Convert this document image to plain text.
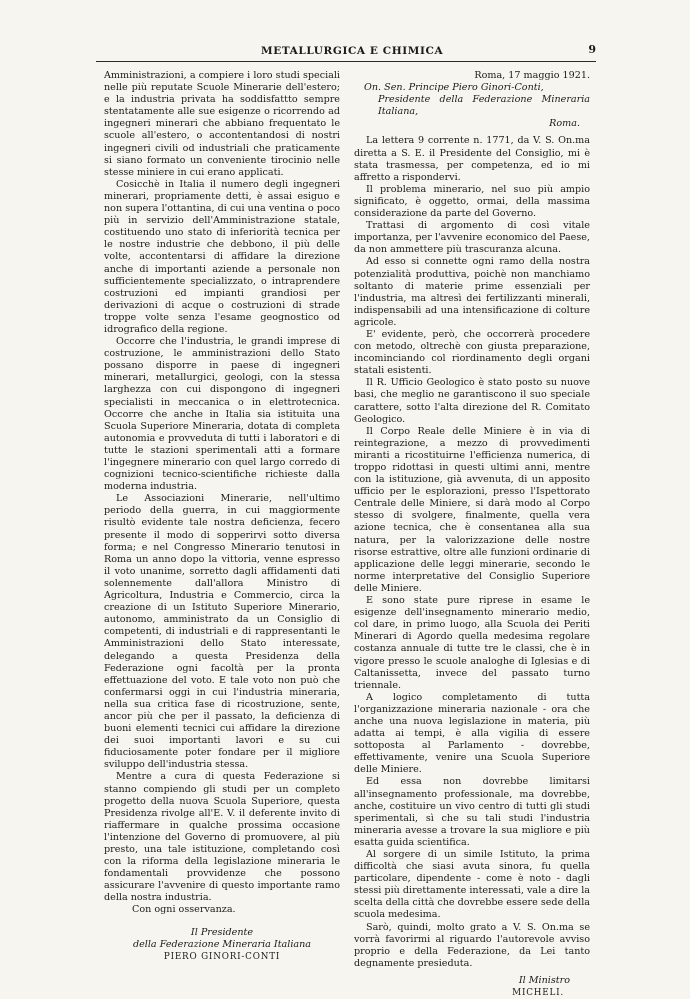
METALLURGICA E CHIMICA	9

Amministrazioni, a compiere i loro studi speciali nelle più reputate Scuole Minerarie dell'estero; e la industria privata ha soddisfattto sempre stentatamente alle sue esigenze o ricorrendo ad ingegneri minerari che abbiano frequentato le scuole all'estero, o accontentandosi di nostri ingegneri civili od industriali che praticamente si siano formato un conveniente tirocinio nelle stesse miniere in cui erano applicati.

Cosicchè in Italia il numero degli ingegneri minerari, propriamente detti, è assai esiguo e non supera l'ottantina, di cui una ventina o poco più in servizio dell'Amministrazione statale, costituendo uno stato di inferiorità tecnica per le nostre industrie che debbono, il più delle volte, accontentarsi di affidare la direzione anche di importanti aziende a personale non sufficientemente specializzato, o intraprendere costruzioni ed impianti grandiosi per derivazioni di acque o costruzioni di strade troppe volte senza l'esame geognostico od idrografico della regione.

Occorre che l'industria, le grandi imprese di costruzione, le amministrazioni dello Stato possano disporre in paese di ingegneri minerari, metallurgici, geologi, con la stessa larghezza con cui dispongono di ingegneri specialisti in meccanica o in elettrotecnica. Occorre che anche in Italia sia istituita una Scuola Superiore Mineraria, dotata di completa autonomia e provveduta di tutti i laboratori e di tutte le stazioni sperimentali atti a formare l'ingegnere minerario con quel largo corredo di cognizioni tecnico-scientifiche richieste dalla moderna industria.

Le Associazioni Minerarie, nell'ultimo periodo della guerra, in cui maggiormente risultò evidente tale nostra deficienza, fecero presente il modo di sopperirvi sotto diversa forma; e nel Congresso Minerario tenutosi in Roma un anno dopo la vittoria, venne espresso il voto unanime, sorretto dagli affidamenti dati solennemente dall'allora Ministro di Agricoltura, Industria e Commercio, circa la creazione di un Istituto Superiore Minerario, autonomo, amministrato da un Consiglio di competenti, di industriali e di rappresentanti le Amministrazioni dello Stato interessate, delegando a questa Presidenza della Federazione ogni facoltà per la pronta effettuazione del voto. E tale voto non può che confermarsi oggi in cui l'industria mineraria, nella sua critica fase di ricostruzione, sente, ancor più che per il passato, la deficienza di buoni elementi tecnici cui affidare la direzione dei suoi importanti lavori e su cui fiduciosamente poter fondare per il migliore sviluppo dell'industria stessa.

Mentre a cura di questa Federazione si stanno compiendo gli studi per un completo progetto della nuova Scuola Superiore, questa Presidenza rivolge all'E. V. il deferente invito di riaffermare in qualche prossima occasione l'intenzione del Governo di promuovere, al più presto, una tale istituzione, completando così con la riforma della legislazione mineraria le fondamentali provvidenze che possono assicurare l'avvenire di questo importante ramo della nostra industria.

Con ogni osservanza.

Il Presidente
della Federazione Mineraria Italiana
PIERO GINORI-CONTI
Roma, 17 maggio 1921.
On. Sen. Principe Piero Ginori-Conti,
Presidente della Federazione Mineraria Italiana,
Roma.

La lettera 9 corrente n. 1771, da V. S. On.ma diretta a S. E. il Presidente del Consiglio, mi è stata trasmessa, per competenza, ed io mi affretto a rispondervi.

Il problema minerario, nel suo più ampio significato, è oggetto, ormai, della massima considerazione da parte del Governo.

Trattasi di argomento di così vitale importanza, per l'avvenire economico del Paese, da non ammettere più trascuranza alcuna.

Ad esso si connette ogni ramo della nostra potenzialità produttiva, poichè non manchiamo soltanto di materie prime essenziali per l'industria, ma altresì dei fertilizzanti minerali, indispensabili ad una intensificazione di colture agricole.

E' evidente, però, che occorrerà procedere con metodo, oltrechè con giusta preparazione, incominciando col riordinamento degli organi statali esistenti.

Il R. Ufficio Geologico è stato posto su nuove basi, che meglio ne garantiscono il suo speciale carattere, sotto l'alta direzione del R. Comitato Geologico.

Il Corpo Reale delle Miniere è in via di reintegrazione, a mezzo di provvedimenti miranti a ricostituirne l'efficienza numerica, di troppo ridottasi in questi ultimi anni, mentre con la istituzione, già avvenuta, di un apposito ufficio per le esplorazioni, presso l'Ispettorato Centrale delle Miniere, si darà modo al Corpo stesso di svolgere, finalmente, quella vera azione tecnica, che è consentanea alla sua natura, per la valorizzazione delle nostre risorse estrattive, oltre alle funzioni ordinarie di applicazione delle leggi minerarie, secondo le norme interpretative del Consiglio Superiore delle Miniere.

E sono state pure riprese in esame le esigenze dell'insegnamento minerario medio, col dare, in primo luogo, alla Scuola dei Periti Minerari di Agordo quella medesima regolare costanza annuale di tutte tre le classi, che è in vigore presso le scuole analoghe di Iglesias e di Caltanissetta, invece del passato turno triennale.

A logico completamento di tutta l'organizzazione mineraria nazionale - ora che anche una nuova legislazione in materia, più adatta ai tempi, è alla vigilia di essere sottoposta al Parlamento - dovrebbe, effettivamente, venire una Scuola Superiore delle Miniere.

Ed essa non dovrebbe limitarsi all'insegnamento professionale, ma dovrebbe, anche, costituire un vivo centro di tutti gli studi sperimentali, sì che su tali studi l'industria mineraria avesse a trovare la sua migliore e più esatta guida scientifica.

Al sorgere di un simile Istituto, la prima difficoltà che siasi avuta sinora, fu quella particolare, dipendente - come è noto - dagli stessi più direttamente interessati, vale a dire la scelta della città che dovrebbe essere sede della scuola medesima.

Sarò, quindi, molto grato a V. S. On.ma se vorrà favorirmi al riguardo l'autorevole avviso proprio e della Federazione, da Lei tanto degnamente presieduta.

Il Ministro
MICHELI.
